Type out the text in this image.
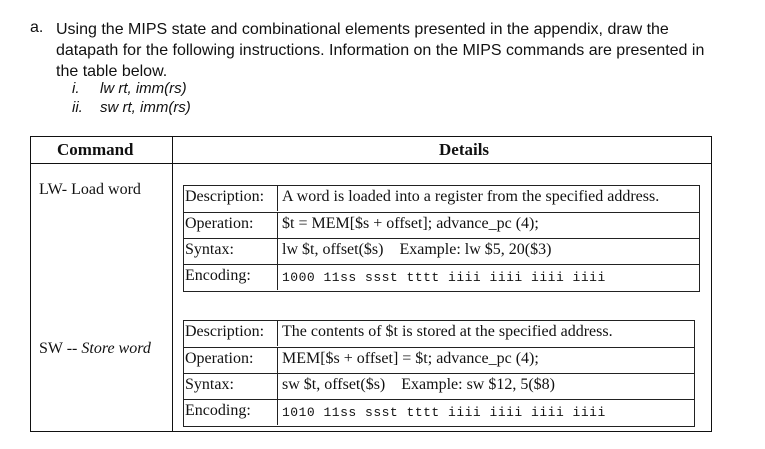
a. Using the MIPS state and combinational elements presented in the appendix, draw the datapath for the following instructions. Information on the MIPS commands are presented in the table below.
i. lw rt, imm(rs)
ii. sw rt, imm(rs)
Command	Details
LW- Load word	Description: A word is loaded into a register from the specified address.
Operation: $t = MEM[$s + offset]; advance_pc (4);
Syntax:	lw $t, offset($s)    Example: lw $5, 20($3)
Encoding: 1000 11ss ssst tttt iiii iiii iiii iiii
SW -- Store word
Description: The contents of $t is stored at the specified address.
Operation: MEM[$s + offset] = $t; advance_pc (4);
Syntax:	sw $t, offset($s)    Example: sw $12, 5($8)
Encoding: 1010 11ss ssst tttt iiii iiii iiii iiii
